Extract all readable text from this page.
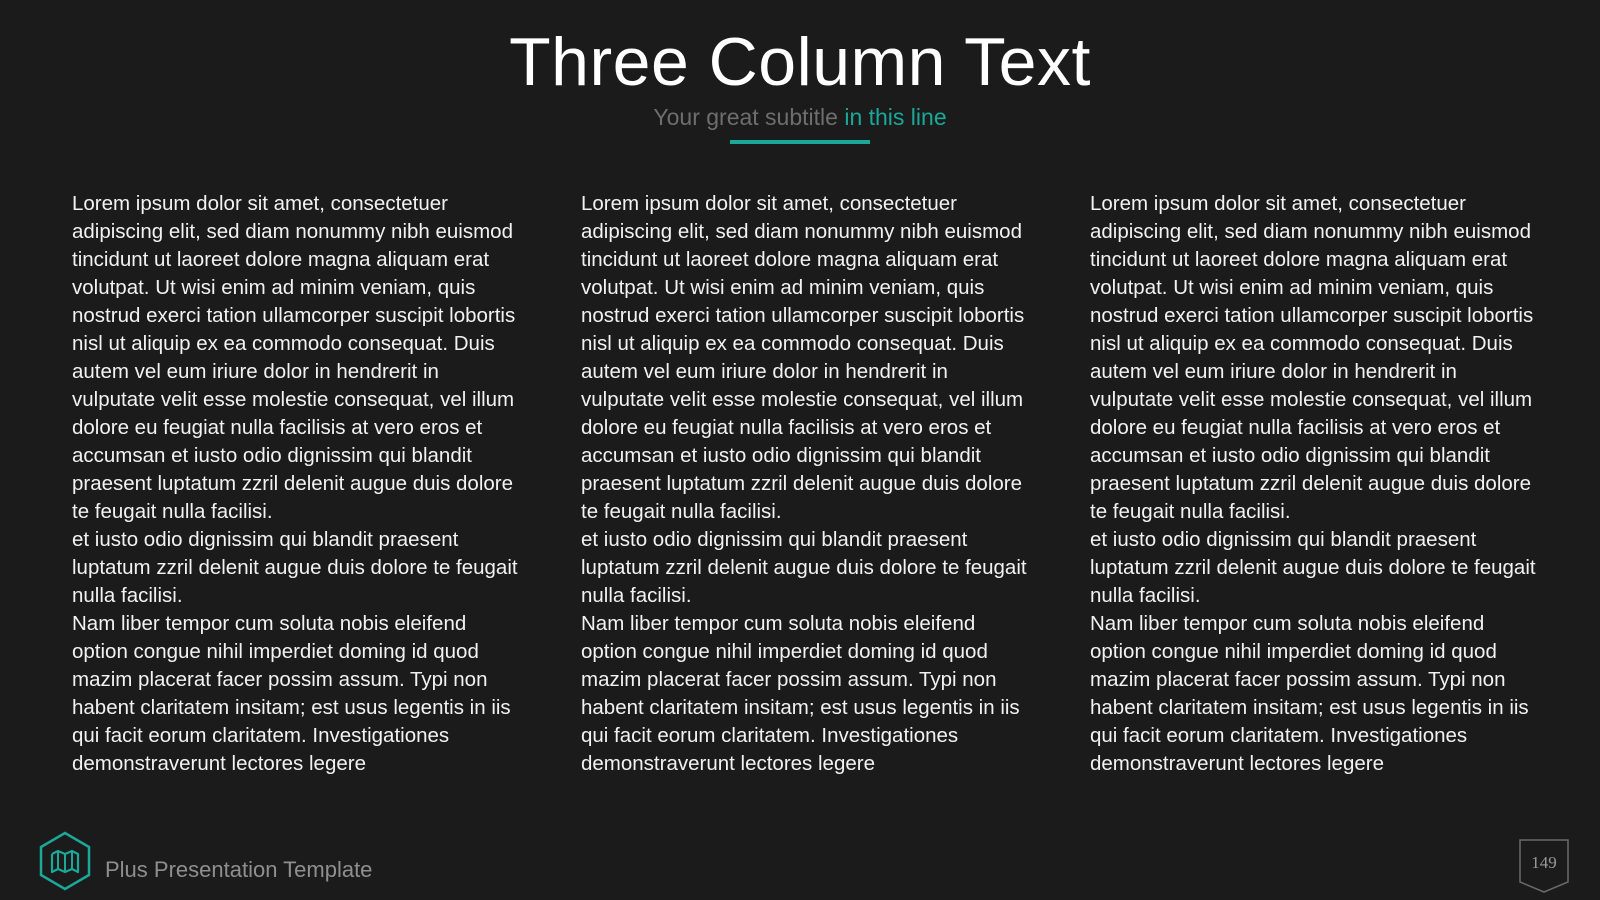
Three Column Text
Your great subtitle in this line

Lorem ipsum dolor sit amet, consectetuer adipiscing elit, sed diam nonummy nibh euismod tincidunt ut laoreet dolore magna aliquam erat volutpat. Ut wisi enim ad minim veniam, quis nostrud exerci tation ullamcorper suscipit lobortis nisl ut aliquip ex ea commodo consequat. Duis autem vel eum iriure dolor in hendrerit in vulputate velit esse molestie consequat, vel illum dolore eu feugiat nulla facilisis at vero eros et accumsan et iusto odio dignissim qui blandit praesent luptatum zzril delenit augue duis dolore te feugait nulla facilisi.

et iusto odio dignissim qui blandit praesent luptatum zzril delenit augue duis dolore te feugait nulla facilisi.

Nam liber tempor cum soluta nobis eleifend option congue nihil imperdiet doming id quod mazim placerat facer possim assum. Typi non habent claritatem insitam; est usus legentis in iis qui facit eorum claritatem. Investigationes demonstraverunt lectores legere

Lorem ipsum dolor sit amet, consectetuer adipiscing elit, sed diam nonummy nibh euismod tincidunt ut laoreet dolore magna aliquam erat volutpat. Ut wisi enim ad minim veniam, quis nostrud exerci tation ullamcorper suscipit lobortis nisl ut aliquip ex ea commodo consequat. Duis autem vel eum iriure dolor in hendrerit in vulputate velit esse molestie consequat, vel illum dolore eu feugiat nulla facilisis at vero eros et accumsan et iusto odio dignissim qui blandit praesent luptatum zzril delenit augue duis dolore te feugait nulla facilisi.

et iusto odio dignissim qui blandit praesent luptatum zzril delenit augue duis dolore te feugait nulla facilisi.

Nam liber tempor cum soluta nobis eleifend option congue nihil imperdiet doming id quod mazim placerat facer possim assum. Typi non habent claritatem insitam; est usus legentis in iis qui facit eorum claritatem. Investigationes demonstraverunt lectores legere

Lorem ipsum dolor sit amet, consectetuer adipiscing elit, sed diam nonummy nibh euismod tincidunt ut laoreet dolore magna aliquam erat volutpat. Ut wisi enim ad minim veniam, quis nostrud exerci tation ullamcorper suscipit lobortis nisl ut aliquip ex ea commodo consequat. Duis autem vel eum iriure dolor in hendrerit in vulputate velit esse molestie consequat, vel illum dolore eu feugiat nulla facilisis at vero eros et accumsan et iusto odio dignissim qui blandit praesent luptatum zzril delenit augue duis dolore te feugait nulla facilisi.

et iusto odio dignissim qui blandit praesent luptatum zzril delenit augue duis dolore te feugait nulla facilisi.

Nam liber tempor cum soluta nobis eleifend option congue nihil imperdiet doming id quod mazim placerat facer possim assum. Typi non habent claritatem insitam; est usus legentis in iis qui facit eorum claritatem. Investigationes demonstraverunt lectores legere

Plus Presentation Template	149
